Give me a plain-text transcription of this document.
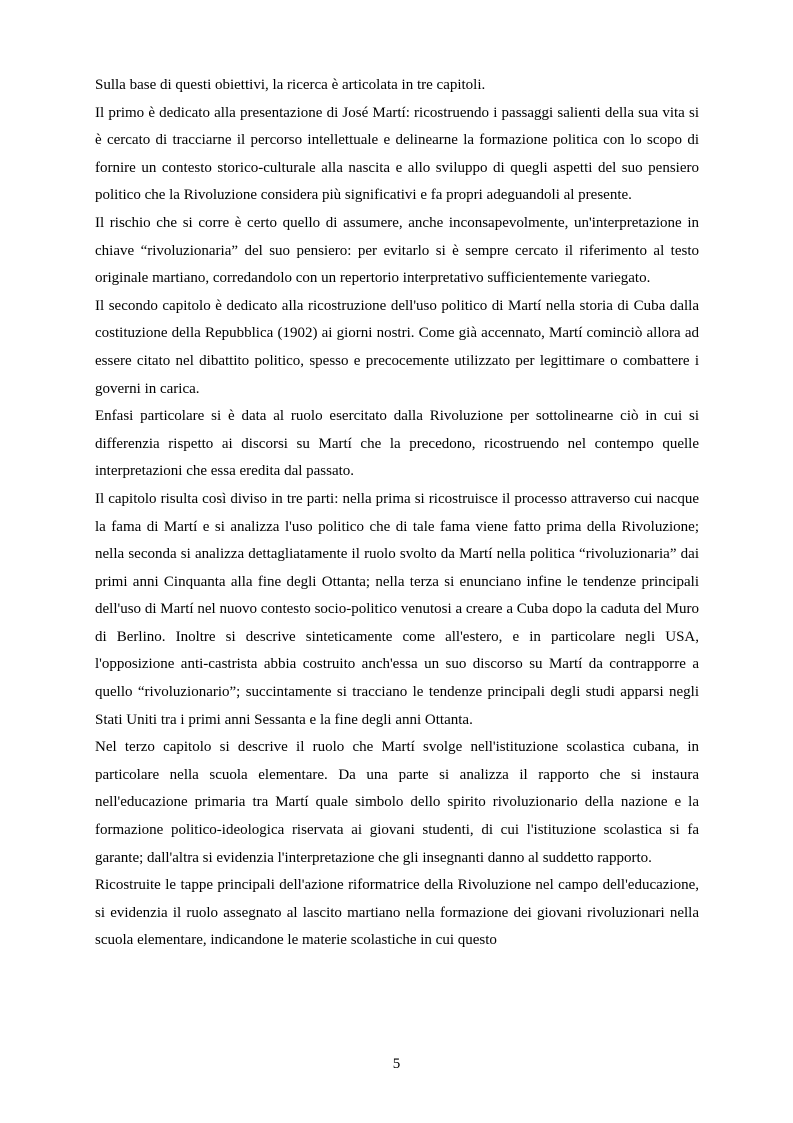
Sulla base di questi obiettivi, la ricerca è articolata in tre capitoli.

Il primo è dedicato alla presentazione di José Martí: ricostruendo i passaggi salienti della sua vita si è cercato di tracciarne il percorso intellettuale e delinearne la formazione politica con lo scopo di fornire un contesto storico-culturale alla nascita e allo sviluppo di quegli aspetti del suo pensiero politico che la Rivoluzione considera più significativi e fa propri adeguandoli al presente.

Il rischio che si corre è certo quello di assumere, anche inconsapevolmente, un'interpretazione in chiave “rivoluzionaria” del suo pensiero: per evitarlo si è sempre cercato il riferimento al testo originale martiano, corredandolo con un repertorio interpretativo sufficientemente variegato.

Il secondo capitolo è dedicato alla ricostruzione dell'uso politico di Martí nella storia di Cuba dalla costituzione della Repubblica (1902) ai giorni nostri. Come già accennato, Martí cominciò allora ad essere citato nel dibattito politico, spesso e precocemente utilizzato per legittimare o combattere i governi in carica.

Enfasi particolare si è data al ruolo esercitato dalla Rivoluzione per sottolinearne ciò in cui si differenzia rispetto ai discorsi su Martí che la precedono, ricostruendo nel contempo quelle interpretazioni che essa eredita dal passato.

Il capitolo risulta così diviso in tre parti: nella prima si ricostruisce il processo attraverso cui nacque la fama di Martí e si analizza l'uso politico che di tale fama viene fatto prima della Rivoluzione; nella seconda si analizza dettagliatamente il ruolo svolto da Martí nella politica “rivoluzionaria” dai primi anni Cinquanta alla fine degli Ottanta; nella terza si enunciano infine le tendenze principali dell'uso di Martí nel nuovo contesto socio-politico venutosi a creare a Cuba dopo la caduta del Muro di Berlino. Inoltre si descrive sinteticamente come all'estero, e in particolare negli USA, l'opposizione anti-castrista abbia costruito anch'essa un suo discorso su Martí da contrapporre a quello “rivoluzionario”; succintamente si tracciano le tendenze principali degli studi apparsi negli Stati Uniti tra i primi anni Sessanta e la fine degli anni Ottanta.

Nel terzo capitolo si descrive il ruolo che Martí svolge nell'istituzione scolastica cubana, in particolare nella scuola elementare. Da una parte si analizza il rapporto che si instaura nell'educazione primaria tra Martí quale simbolo dello spirito rivoluzionario della nazione e la formazione politico-ideologica riservata ai giovani studenti, di cui l'istituzione scolastica si fa garante; dall'altra si evidenzia l'interpretazione che gli insegnanti danno al suddetto rapporto.

Ricostruite le tappe principali dell'azione riformatrice della Rivoluzione nel campo dell'educazione, si evidenzia il ruolo assegnato al lascito martiano nella formazione dei giovani rivoluzionari nella scuola elementare, indicandone le materie scolastiche in cui questo

5
